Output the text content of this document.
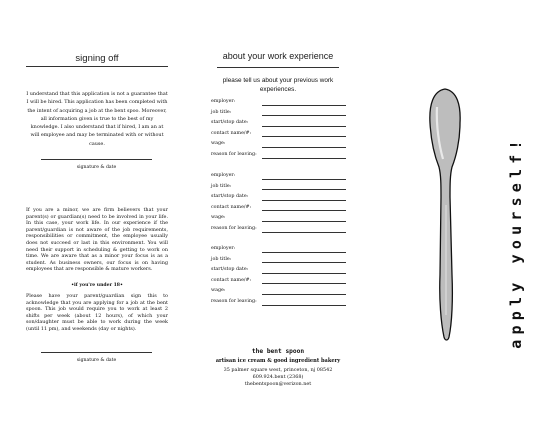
signing off
I understand that this application is not a guarantee that I will be hired. This application has been completed with the intent of acquiring a job at the bent spoo. Moreover, all information given is true to the best of my knowledge. I also understand that if hired, I am an at will employee and may be terminated with or without cause.
signature & date
If you are a minor, we are firm believers that your parent(s) or guardian(s) need to be involved in your life. In this case, your work life. In our experience if the parent/guardian is not aware of the job requirements, responsibilities or commitment, the employee usually does not succeed or last in this environment. You will need their support in scheduling & getting to work on time. We are aware that as a minor your focus is as a student. As business owners, our focus is on having employees that are responsible & mature workers.
•if you're under 18•
Please have your parent/guardian sign this to acknowledge that you are applying for a job at the bent spoon. This job would require you to work at least 2 shifts per week (about 12 hours), of which your son/daughter must be able to work during the week (until 11 pm), and weekends (day or nights).
signature & date
about your work experience
please tell us about your previous work experiences.
employer:
job title:
start/stop date:
contact name/#:
wage:
reason for leaving:
employer:
job title:
start/stop date:
contact name/#:
wage:
reason for leaving:
employer:
job title:
start/stop date:
contact name/#:
wage:
reason for leaving:
the bent spoon
artisan ice cream & good ingredient bakery
35 palmer square west, princeton, nj 08542
609.924.bent (2368)
thebentspoon@verizon.net
apply yourself!
